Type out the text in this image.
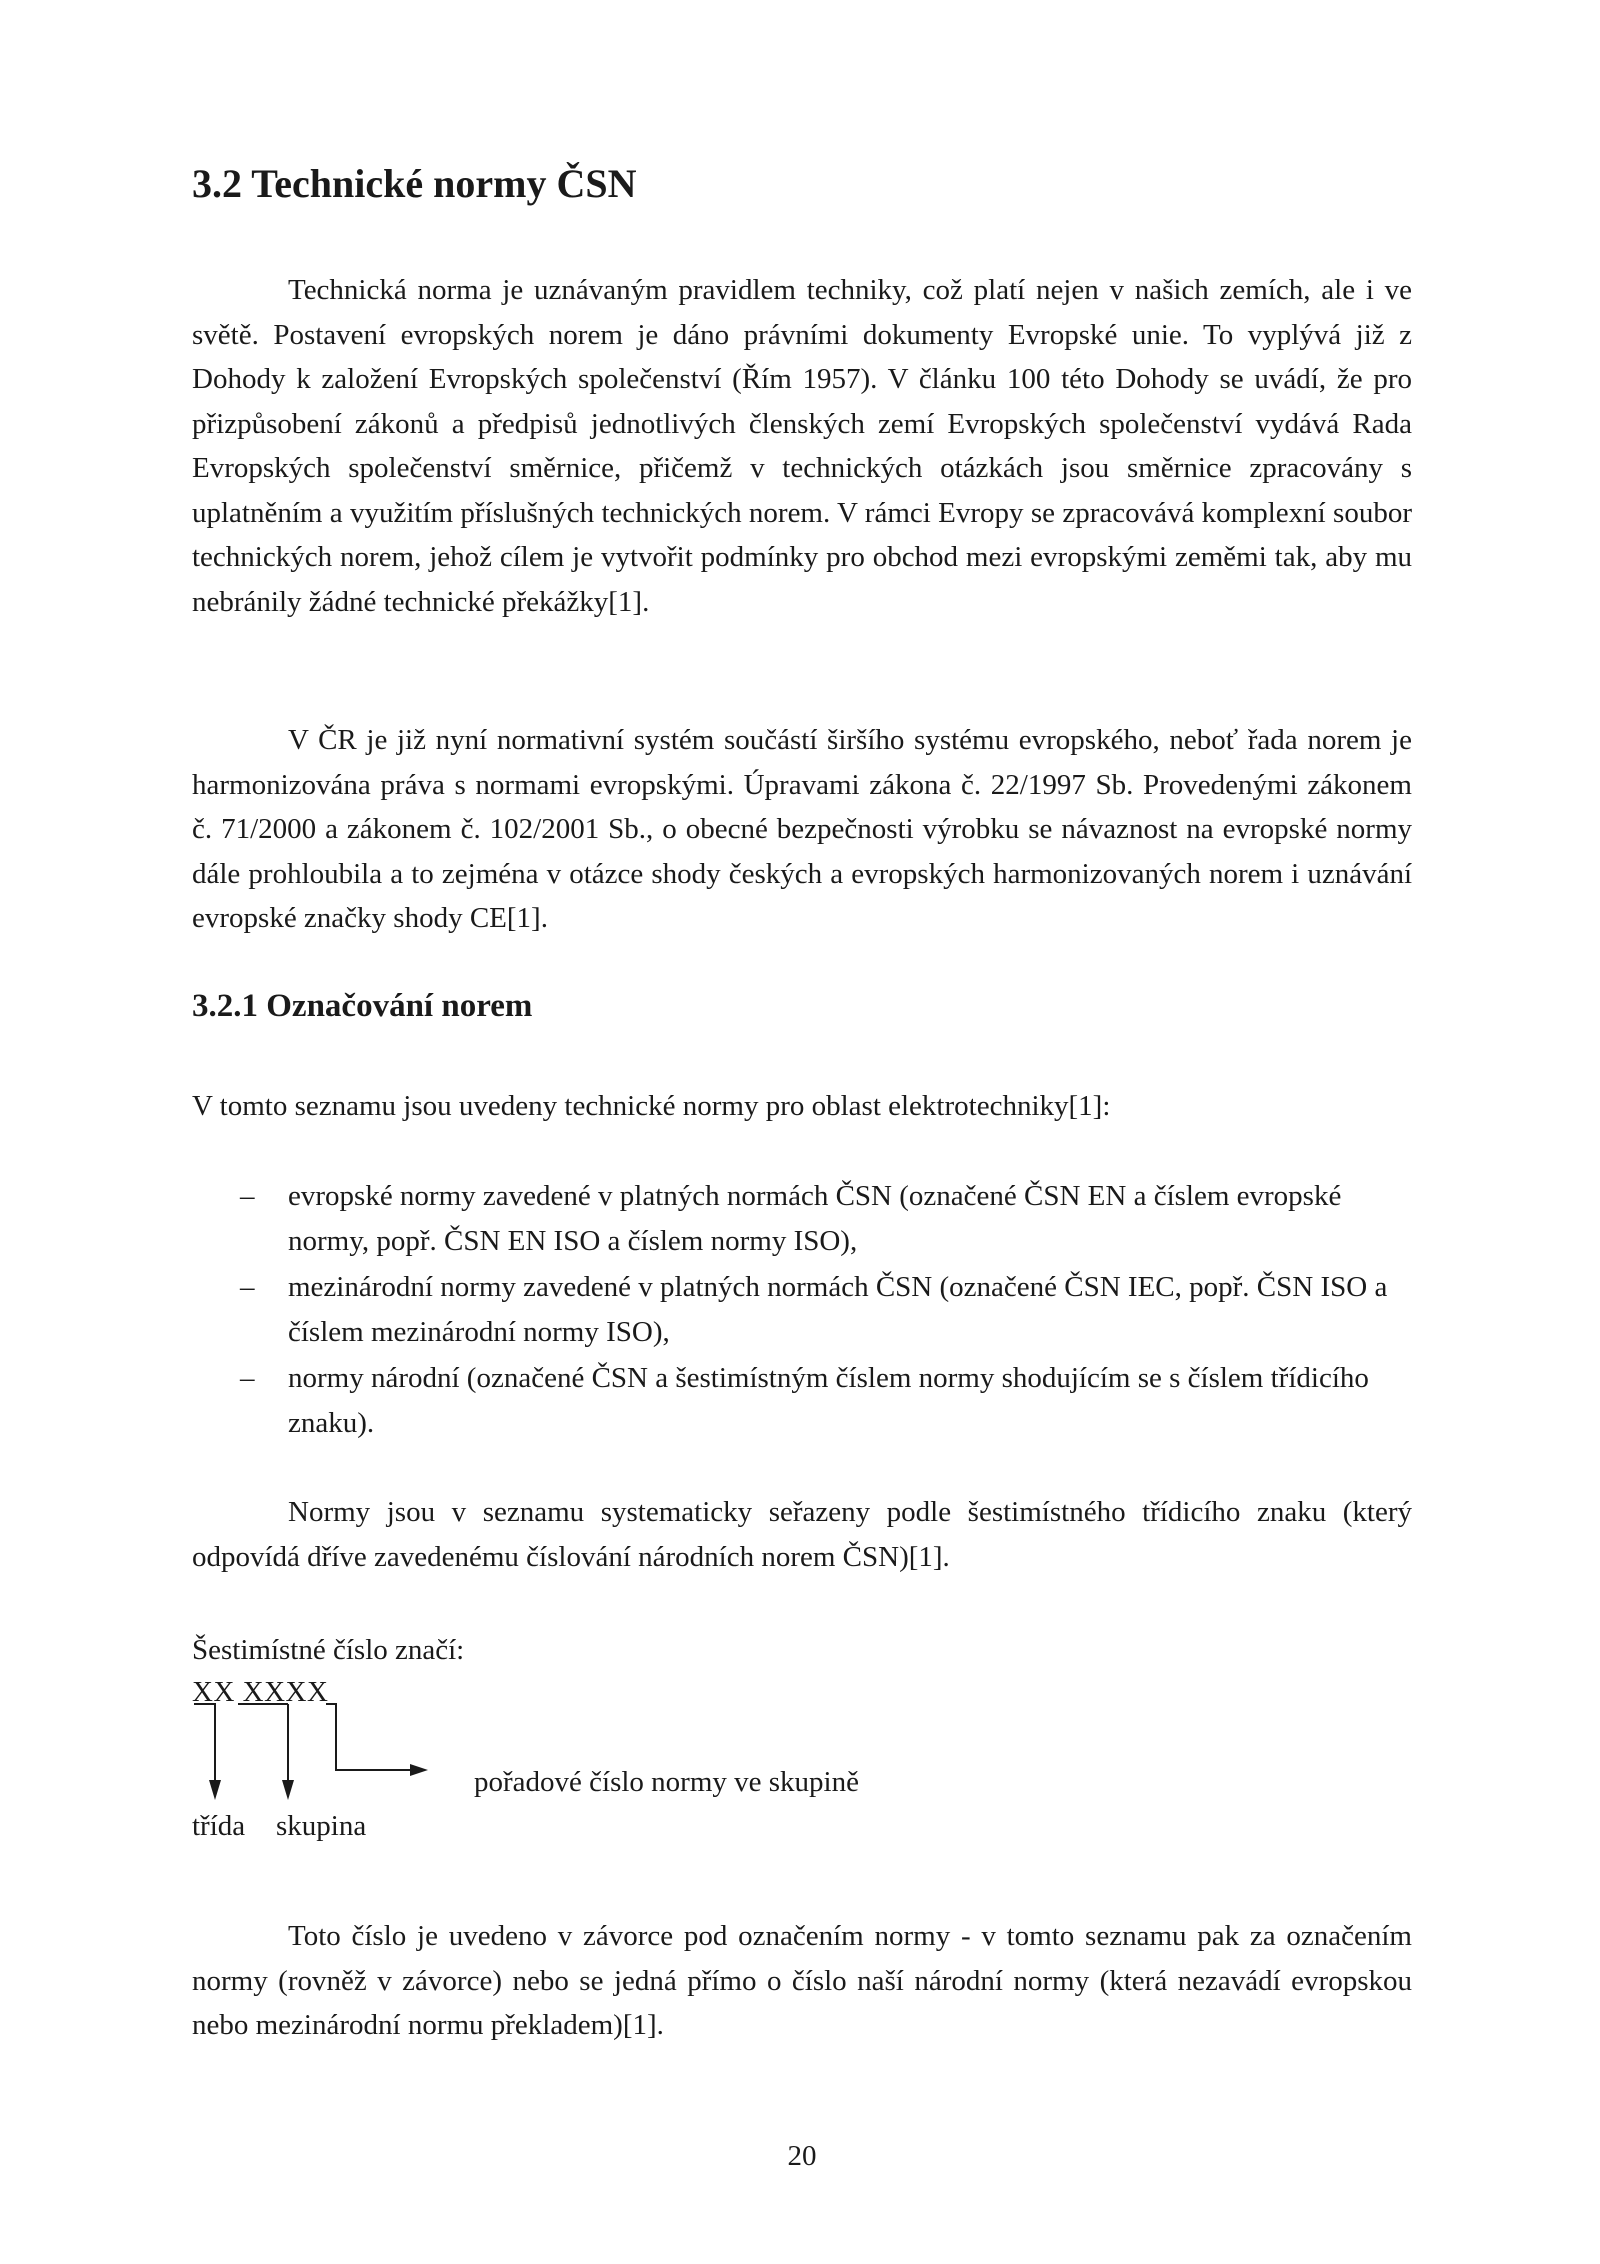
3.2 Technické normy ČSN

Technická norma je uznávaným pravidlem techniky, což platí nejen v našich zemích, ale i ve světě. Postavení evropských norem je dáno právními dokumenty Evropské unie. To vyplývá již z Dohody k založení Evropských společenství (Řím 1957). V článku 100 této Dohody se uvádí, že pro přizpůsobení zákonů a předpisů jednotlivých členských zemí Evropských společenství vydává Rada Evropských společenství směrnice, přičemž v technických otázkách jsou směrnice zpracovány s uplatněním a využitím příslušných technických norem. V rámci Evropy se zpracovává komplexní soubor technických norem, jehož cílem je vytvořit podmínky pro obchod mezi evropskými zeměmi tak, aby mu nebránily žádné technické překážky[1].

V ČR je již nyní normativní systém součástí širšího systému evropského, neboť řada norem je harmonizována práva s normami evropskými. Úpravami zákona č. 22/1997 Sb. Provedenými zákonem č. 71/2000 a zákonem č. 102/2001 Sb., o obecné bezpečnosti výrobku se návaznost na evropské normy dále prohloubila a to zejména v otázce shody českých a evropských harmonizovaných norem i uznávání evropské značky shody CE[1].

3.2.1 Označování norem

V tomto seznamu jsou uvedeny technické normy pro oblast elektrotechniky[1]:

– evropské normy zavedené v platných normách ČSN (označené ČSN EN a číslem evropské normy, popř. ČSN EN ISO a číslem normy ISO),
– mezinárodní normy zavedené v platných normách ČSN (označené ČSN IEC, popř. ČSN ISO a číslem mezinárodní normy ISO),
– normy národní (označené ČSN a šestimístným číslem normy shodujícím se s číslem třídicího znaku).

Normy jsou v seznamu systematicky seřazeny podle šestimístného třídicího znaku (který odpovídá dříve zavedenému číslování národních norem ČSN)[1].

Šestimístné číslo značí:
XX XXXX
pořadové číslo normy ve skupině
třída skupina

Toto číslo je uvedeno v závorce pod označením normy - v tomto seznamu pak za označením normy (rovněž v závorce) nebo se jedná přímo o číslo naší národní normy (která nezavádí evropskou nebo mezinárodní normu překladem)[1].

20
